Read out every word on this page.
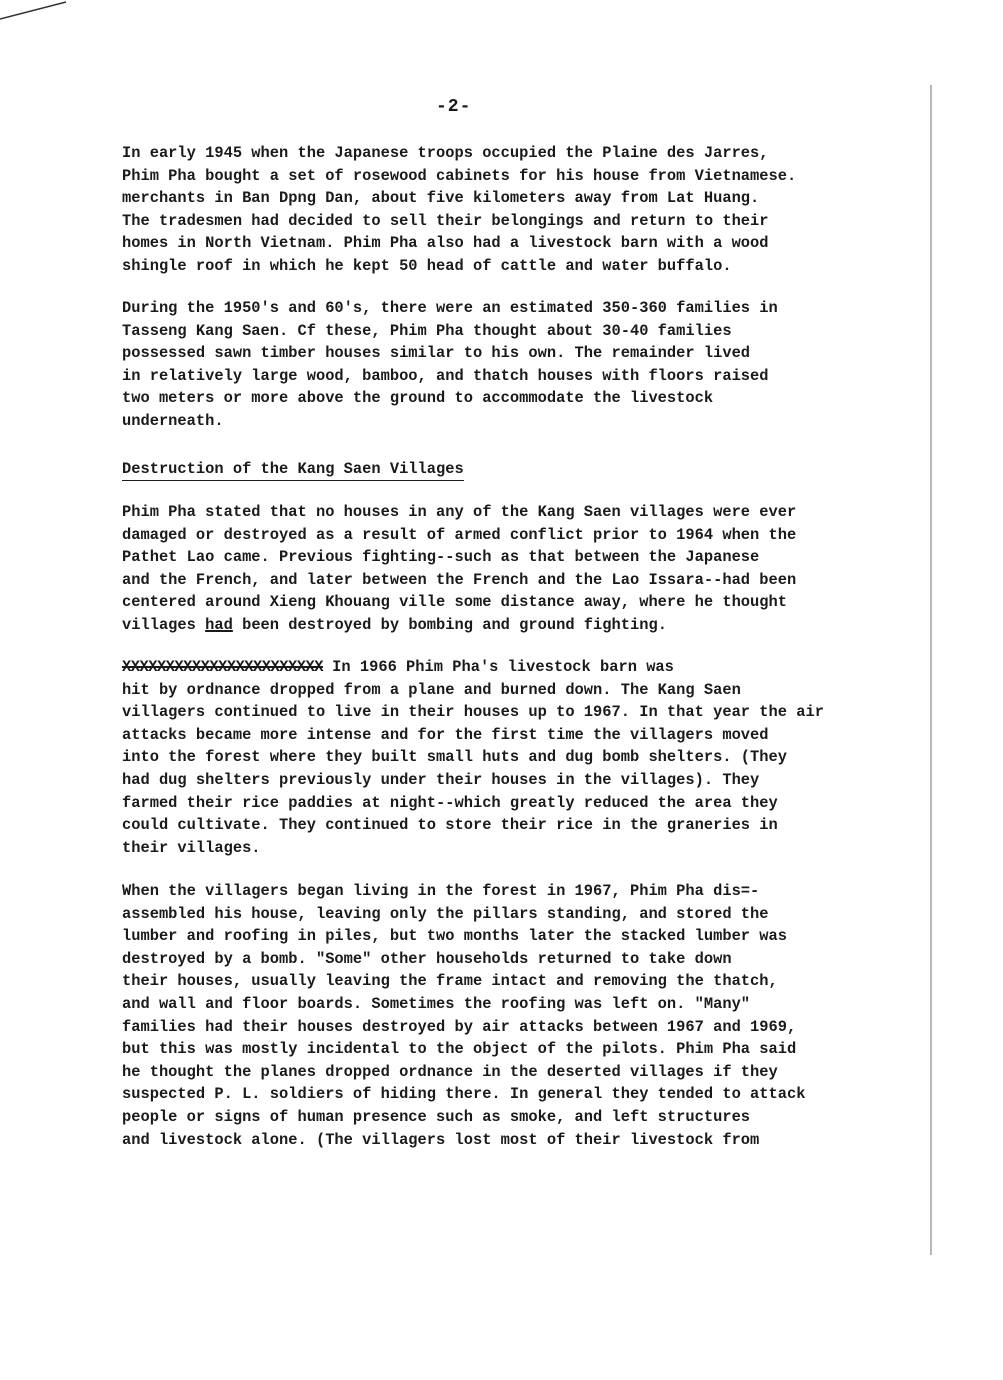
-2-
In early 1945 when the Japanese troops occupied the Plaine des Jarres,
Phim Pha bought a set of rosewood cabinets for his house from Vietnamese.
merchants in Ban Dpng Dan, about five kilometers away from Lat Huang.
The tradesmen had decided to sell their belongings and return to their
homes in North Vietnam. Phim Pha also had a livestock barn with a wood
shingle roof in which he kept 50 head of cattle and water buffalo.
During the 1950's and 60's, there were an estimated 350-360 families in
Tasseng Kang Saen. Cf these, Phim Pha thought about 30-40 families
possessed sawn timber houses similar to his own. The remainder lived
in relatively large wood, bamboo, and thatch houses with floors raised
two meters or more above the ground to accommodate the livestock
underneath.
Destruction of the Kang Saen Villages
Phim Pha stated that no houses in any of the Kang Saen villages were ever
damaged or destroyed as a result of armed conflict prior to 1964 when the
Pathet Lao came. Previous fighting--such as that between the Japanese
and the French, and later between the French and the Lao Issara--had been
centered around Xieng Khouang ville some distance away, where he thought
villages had been destroyed by bombing and ground fighting.
XXXXXXXXXXXXXXXXXXXXXXX In 1966 Phim Pha's livestock barn was
hit by ordnance dropped from a plane and burned down. The Kang Saen
villagers continued to live in their houses up to 1967. In that year the air
attacks became more intense and for the first time the villagers moved
into the forest where they built small huts and dug bomb shelters. (They
had dug shelters previously under their houses in the villages). They
farmed their rice paddies at night--which greatly reduced the area they
could cultivate. They continued to store their rice in the graneries in
their villages.
When the villagers began living in the forest in 1967, Phim Pha dis=-
assembled his house, leaving only the pillars standing, and stored the
lumber and roofing in piles, but two months later the stacked lumber was
destroyed by a bomb. "Some" other households returned to take down
their houses, usually leaving the frame intact and removing the thatch,
and wall and floor boards. Sometimes the roofing was left on. "Many"
families had their houses destroyed by air attacks between 1967 and 1969,
but this was mostly incidental to the object of the pilots. Phim Pha said
he thought the planes dropped ordnance in the deserted villages if they
suspected P. L. soldiers of hiding there. In general they tended to attack
people or signs of human presence such as smoke, and left structures
and livestock alone. (The villagers lost most of their livestock from
